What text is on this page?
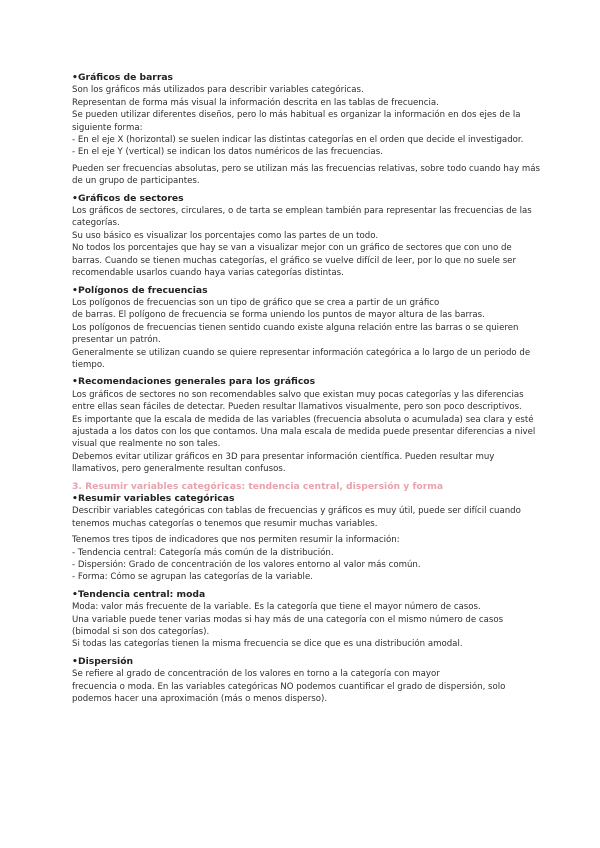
•Gráficos de barras

Son los gráficos más utilizados para describir variables categóricas.

Representan de forma más visual la información descrita en las tablas de frecuencia.

Se pueden utilizar diferentes diseños, pero lo más habitual es organizar la información en dos ejes de la siguiente forma:

- En el eje X (horizontal) se suelen indicar las distintas categorías en el orden que decide el investigador.

- En el eje Y (vertical) se indican los datos numéricos de las frecuencias.

Pueden ser frecuencias absolutas, pero se utilizan más las frecuencias relativas, sobre todo cuando hay más de un grupo de participantes.

•Gráficos de sectores

Los gráficos de sectores, circulares, o de tarta se emplean también para representar las frecuencias de las categorías.

Su uso básico es visualizar los porcentajes como las partes de un todo.

No todos los porcentajes que hay se van a visualizar mejor con un gráfico de sectores que con uno de barras. Cuando se tienen muchas categorías, el gráfico se vuelve difícil de leer, por lo que no suele ser recomendable usarlos cuando haya varias categorías distintas.

•Polígonos de frecuencias

Los polígonos de frecuencias son un tipo de gráfico que se crea a partir de un gráfico

de barras. El polígono de frecuencia se forma uniendo los puntos de mayor altura de las barras.

Los polígonos de frecuencias tienen sentido cuando existe alguna relación entre las barras o se quieren presentar un patrón.

Generalmente se utilizan cuando se quiere representar información categórica a lo largo de un periodo de tiempo.

•Recomendaciones generales para los gráficos

Los gráficos de sectores no son recomendables salvo que existan muy pocas categorías y las diferencias entre ellas sean fáciles de detectar. Pueden resultar llamativos visualmente, pero son poco descriptivos.

Es importante que la escala de medida de las variables (frecuencia absoluta o acumulada) sea clara y esté ajustada a los datos con los que contamos. Una mala escala de medida puede presentar diferencias a nivel visual que realmente no son tales.

Debemos evitar utilizar gráficos en 3D para presentar información científica. Pueden resultar muy llamativos, pero generalmente resultan confusos.

3. Resumir variables categóricas: tendencia central, dispersión y forma
•Resumir variables categóricas

Describir variables categóricas con tablas de frecuencias y gráficos es muy útil, puede ser difícil cuando tenemos muchas categorías o tenemos que resumir muchas variables.

Tenemos tres tipos de indicadores que nos permiten resumir la información:

- Tendencia central: Categoría más común de la distribución.

- Dispersión: Grado de concentración de los valores entorno al valor más común.

- Forma: Cómo se agrupan las categorías de la variable.

•Tendencia central: moda

Moda: valor más frecuente de la variable. Es la categoría que tiene el mayor número de casos.

Una variable puede tener varias modas si hay más de una categoría con el mismo número de casos (bimodal si son dos categorías).

Si todas las categorías tienen la misma frecuencia se dice que es una distribución amodal.

•Dispersión

Se refiere al grado de concentración de los valores en torno a la categoría con mayor

frecuencia o moda. En las variables categóricas NO podemos cuantificar el grado de dispersión, solo podemos hacer una aproximación (más o menos disperso).
